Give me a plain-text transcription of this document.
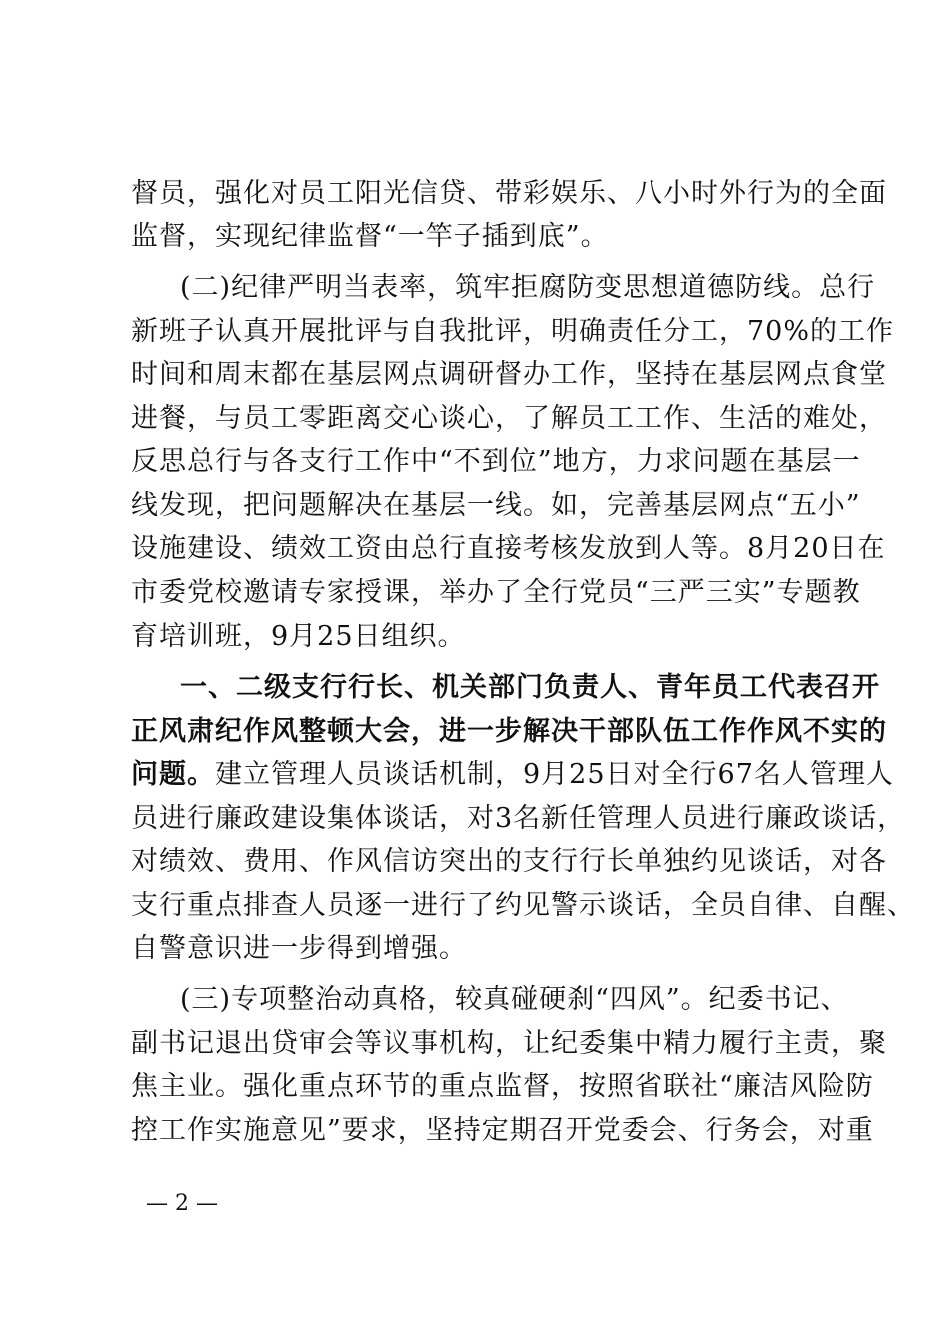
督员，强化对员工阳光信贷、带彩娱乐、八小时外行为的全面
监督，实现纪律监督“一竿子插到底”。
(二)纪律严明当表率，筑牢拒腐防变思想道德防线。总行
新班子认真开展批评与自我批评，明确责任分工，70%的工作
时间和周末都在基层网点调研督办工作，坚持在基层网点食堂
进餐，与员工零距离交心谈心，了解员工工作、生活的难处，
反思总行与各支行工作中“不到位”地方，力求问题在基层一
线发现，把问题解决在基层一线。如，完善基层网点“五小”
设施建设、绩效工资由总行直接考核发放到人等。8月20日在
市委党校邀请专家授课，举办了全行党员“三严三实”专题教
育培训班，9月25日组织。
一、二级支行行长、机关部门负责人、青年员工代表召开
正风肃纪作风整顿大会，进一步解决干部队伍工作作风不实的
问题。建立管理人员谈话机制，9月25日对全行67名人管理人
员进行廉政建设集体谈话，对3名新任管理人员进行廉政谈话，
对绩效、费用、作风信访突出的支行行长单独约见谈话，对各
支行重点排查人员逐一进行了约见警示谈话，全员自律、自醒、
自警意识进一步得到增强。
(三)专项整治动真格，较真碰硬刹“四风”。纪委书记、
副书记退出贷审会等议事机构，让纪委集中精力履行主责，聚
焦主业。强化重点环节的重点监督，按照省联社“廉洁风险防
控工作实施意见”要求，坚持定期召开党委会、行务会，对重
— 2 —
